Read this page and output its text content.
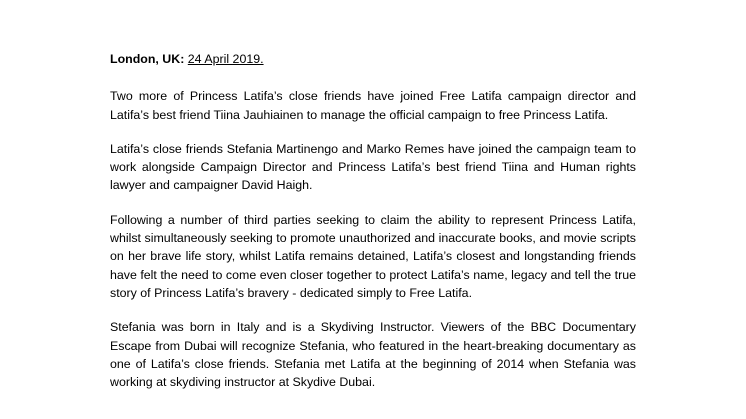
London, UK: 24 April 2019.

Two more of Princess Latifa’s close friends have joined Free Latifa campaign director and Latifa’s best friend Tiina Jauhiainen to manage the official campaign to free Princess Latifa.

Latifa’s close friends Stefania Martinengo and Marko Remes have joined the campaign team to work alongside Campaign Director and Princess Latifa’s best friend Tiina and Human rights lawyer and campaigner David Haigh.

Following a number of third parties seeking to claim the ability to represent Princess Latifa, whilst simultaneously seeking to promote unauthorized and inaccurate books, and movie scripts on her brave life story, whilst Latifa remains detained, Latifa’s closest and longstanding friends have felt the need to come even closer together to protect Latifa’s name, legacy and tell the true story of Princess Latifa’s bravery - dedicated simply to Free Latifa.

Stefania was born in Italy and is a Skydiving Instructor. Viewers of the BBC Documentary Escape from Dubai will recognize Stefania, who featured in the heart-breaking documentary as one of Latifa’s close friends. Stefania met Latifa at the beginning of 2014 when Stefania was working at skydiving instructor at Skydive Dubai.
